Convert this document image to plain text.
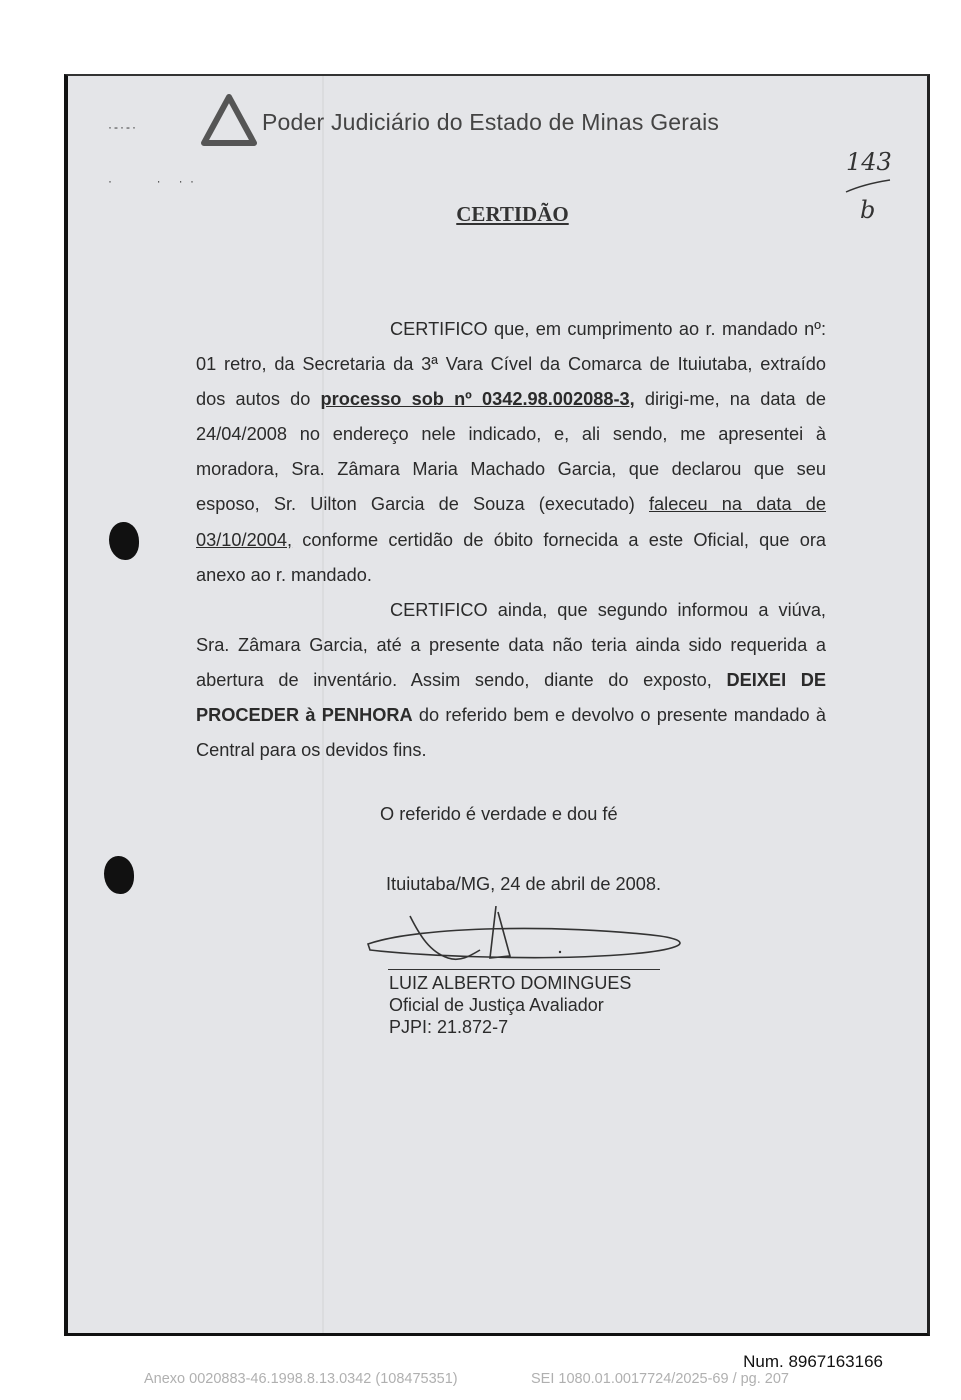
·-·-·
·        ·   · ·
Poder Judiciário do Estado de Minas Gerais
143
b
CERTIDÃO

CERTIFICO que, em cumprimento ao r. mandado nº: 01 retro, da Secretaria da 3ª Vara Cível da Comarca de Ituiutaba, extraído dos autos do processo sob nº 0342.98.002088-3, dirigi-me, na data de 24/04/2008 no endereço nele indicado, e, ali sendo, me apresentei à moradora, Sra. Zâmara Maria Machado Garcia, que declarou que seu esposo, Sr. Uilton Garcia de Souza (executado) faleceu na data de 03/10/2004, conforme certidão de óbito fornecida a este Oficial, que ora anexo ao r. mandado.

CERTIFICO ainda, que segundo informou a viúva, Sra. Zâmara Garcia, até a presente data não teria ainda sido requerida a abertura de inventário. Assim sendo, diante do exposto, DEIXEI DE PROCEDER à PENHORA do referido bem e devolvo o presente mandado à Central para os devidos fins.

O referido é verdade e dou fé
Ituiutaba/MG, 24 de abril de 2008.
LUIZ ALBERTO DOMINGUES
Oficial de Justiça Avaliador
PJPI: 21.872-7
Num. 8967163166
Anexo 0020883-46.1998.8.13.0342 (108475351)	SEI 1080.01.0017724/2025-69 / pg. 207
